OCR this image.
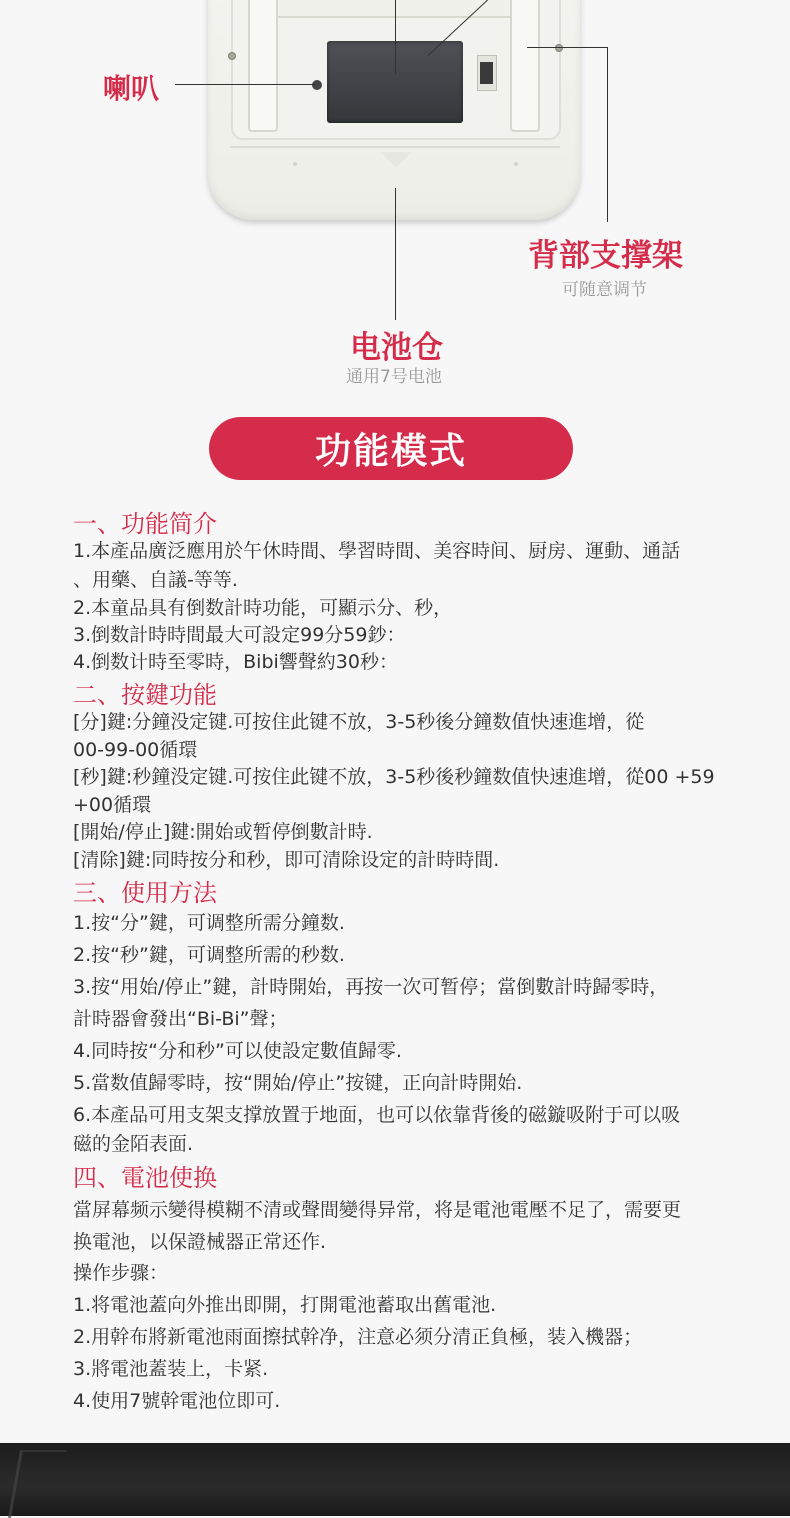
喇叭
背部支撑架
可随意调节
电池仓
通用7号电池
功能模式
一、功能简介
1.本產品廣泛應用於午休時間、學習時間、美容時间、厨房、運動、通話
、用藥、自議-等等.
2.本童品具有倒数計時功能，可顯示分、秒，
3.倒数計時時間最大可設定99分59鈔：
4.倒数计時至零時，Bibi響聲約30秒：
二、按鍵功能
[分]鍵:分鐘没定键.可按住此键不放，3-5秒後分鐘数值快速進增，從
00-99-00循環
[秒]鍵:秒鐘没定键.可按住此键不放，3-5秒後秒鐘数值快速進增，從00 +59
+00循環
[開始/停止]鍵:開始或暂停倒數計時.
[清除]鍵:同時按分和秒，即可清除设定的計時時間.
三、使用方法
1.按“分”鍵，可调整所需分鐘数.
2.按“秒”鍵，可调整所需的秒数.
3.按“用始/停止”鍵，計時開始，再按一次可暂停；當倒數計時歸零時，
計時器會發出“Bi-Bi”聲；
4.同時按“分和秒”可以使設定數值歸零.
5.當数值歸零時，按“開始/停止”按键，正向計時開始.
6.本產品可用支架支撑放置于地面，也可以依靠背後的磁鏇吸附于可以吸
磁的金陌表面.
四、電池使换
當屏幕频示變得模糊不清或聲間變得异常，将是電池電壓不足了，需要更
换電池，以保證械器正常还作.
操作步骤：
1.将電池蓋向外推出即開，打開電池蓄取出舊電池.
2.用幹布將新電池雨面擦拭幹净，注意必须分清正負極，装入機器；
3.將電池蓋装上，卡紧.
4.使用7號幹電池位即可.
